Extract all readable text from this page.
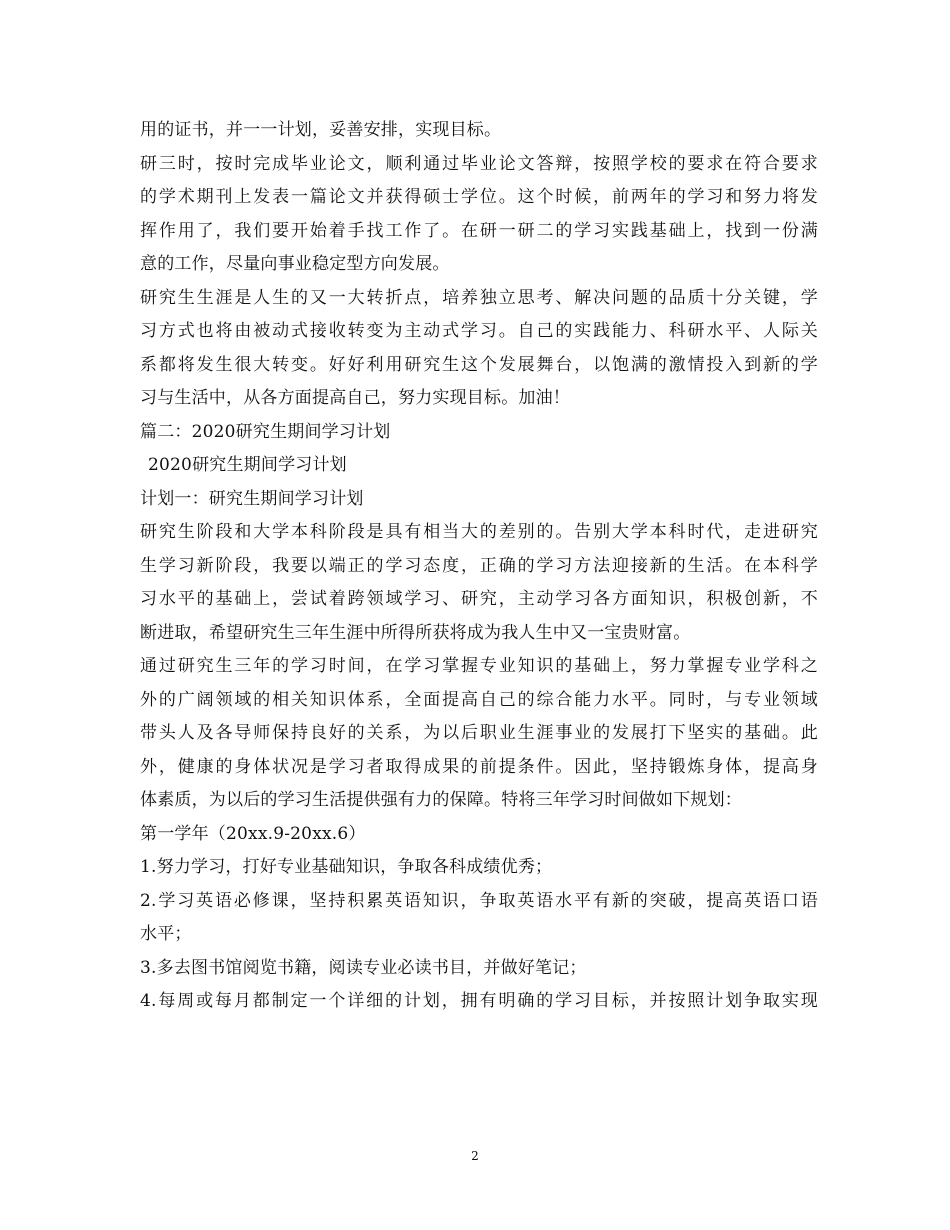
用的证书，并一一计划，妥善安排，实现目标。
研三时，按时完成毕业论文，顺利通过毕业论文答辩，按照学校的要求在符合要求
的学术期刊上发表一篇论文并获得硕士学位。这个时候，前两年的学习和努力将发
挥作用了，我们要开始着手找工作了。在研一研二的学习实践基础上，找到一份满
意的工作，尽量向事业稳定型方向发展。
研究生生涯是人生的又一大转折点，培养独立思考、解决问题的品质十分关键，学
习方式也将由被动式接收转变为主动式学习。自己的实践能力、科研水平、人际关
系都将发生很大转变。好好利用研究生这个发展舞台，以饱满的激情投入到新的学
习与生活中，从各方面提高自己，努力实现目标。加油！
篇二：2020研究生期间学习计划
2020研究生期间学习计划
计划一：研究生期间学习计划
研究生阶段和大学本科阶段是具有相当大的差别的。告别大学本科时代，走进研究
生学习新阶段，我要以端正的学习态度，正确的学习方法迎接新的生活。在本科学
习水平的基础上，尝试着跨领域学习、研究，主动学习各方面知识，积极创新，不
断进取，希望研究生三年生涯中所得所获将成为我人生中又一宝贵财富。
通过研究生三年的学习时间，在学习掌握专业知识的基础上，努力掌握专业学科之
外的广阔领域的相关知识体系，全面提高自己的综合能力水平。同时，与专业领域
带头人及各导师保持良好的关系，为以后职业生涯事业的发展打下坚实的基础。此
外，健康的身体状况是学习者取得成果的前提条件。因此，坚持锻炼身体，提高身
体素质，为以后的学习生活提供强有力的保障。特将三年学习时间做如下规划：
第一学年（20xx.9-20xx.6）
1.努力学习，打好专业基础知识，争取各科成绩优秀；
2.学习英语必修课，坚持积累英语知识，争取英语水平有新的突破，提高英语口语
水平；
3.多去图书馆阅览书籍，阅读专业必读书目，并做好笔记；
4.每周或每月都制定一个详细的计划，拥有明确的学习目标，并按照计划争取实现
2
